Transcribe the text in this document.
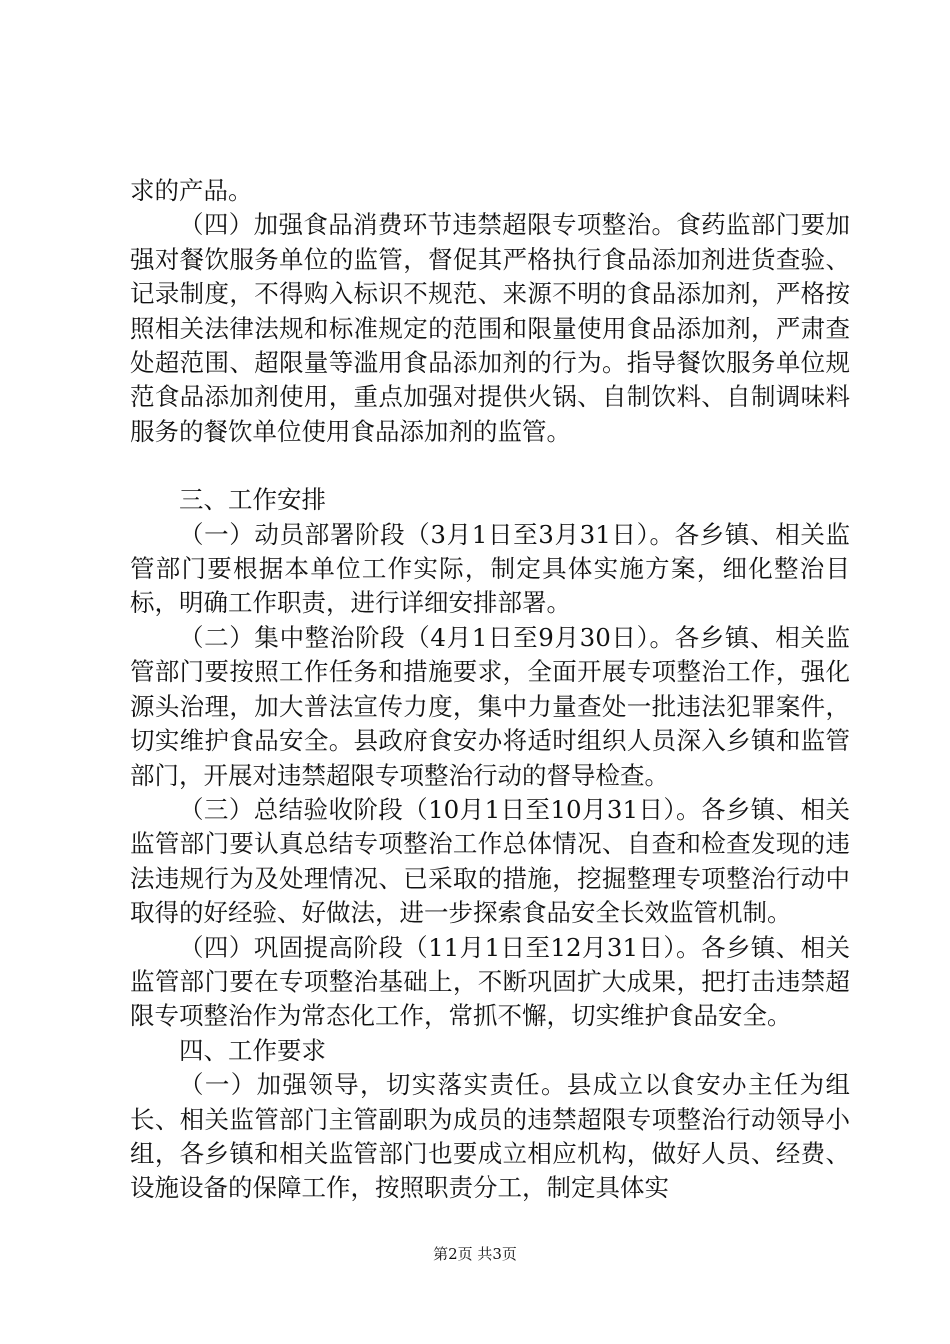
求的产品。

（四）加强食品消费环节违禁超限专项整治。食药监部门要加强对餐饮服务单位的监管，督促其严格执行食品添加剂进货查验、记录制度，不得购入标识不规范、来源不明的食品添加剂，严格按照相关法律法规和标准规定的范围和限量使用食品添加剂，严肃查处超范围、超限量等滥用食品添加剂的行为。指导餐饮服务单位规范食品添加剂使用，重点加强对提供火锅、自制饮料、自制调味料服务的餐饮单位使用食品添加剂的监管。

三、工作安排

（一）动员部署阶段（3月1日至3月31日）。各乡镇、相关监管部门要根据本单位工作实际，制定具体实施方案，细化整治目标，明确工作职责，进行详细安排部署。

（二）集中整治阶段（4月1日至9月30日）。各乡镇、相关监管部门要按照工作任务和措施要求，全面开展专项整治工作，强化源头治理，加大普法宣传力度，集中力量查处一批违法犯罪案件，切实维护食品安全。县政府食安办将适时组织人员深入乡镇和监管部门，开展对违禁超限专项整治行动的督导检查。

（三）总结验收阶段（10月1日至10月31日）。各乡镇、相关监管部门要认真总结专项整治工作总体情况、自查和检查发现的违法违规行为及处理情况、已采取的措施，挖掘整理专项整治行动中取得的好经验、好做法，进一步探索食品安全长效监管机制。

（四）巩固提高阶段（11月1日至12月31日）。各乡镇、相关监管部门要在专项整治基础上，不断巩固扩大成果，把打击违禁超限专项整治作为常态化工作，常抓不懈，切实维护食品安全。

四、工作要求

（一）加强领导，切实落实责任。县成立以食安办主任为组长、相关监管部门主管副职为成员的违禁超限专项整治行动领导小组，各乡镇和相关监管部门也要成立相应机构，做好人员、经费、设施设备的保障工作，按照职责分工，制定具体实

第2页 共3页
